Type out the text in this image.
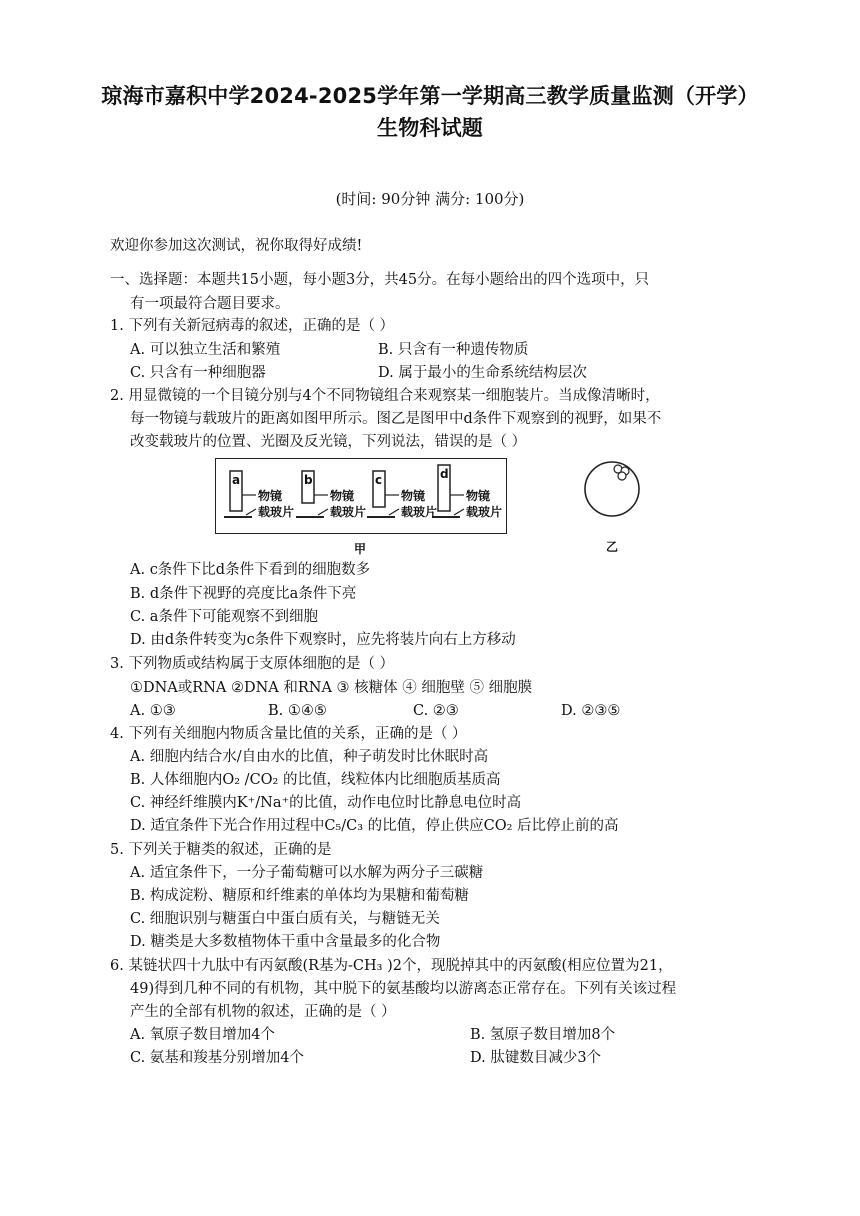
琼海市嘉积中学2024-2025学年第一学期高三教学质量监测（开学）
生物科试题
(时间: 90分钟 满分: 100分)
欢迎你参加这次测试，祝你取得好成绩!
一、选择题：本题共15小题，每小题3分，共45分。在每小题给出的四个选项中，只
有一项最符合题目要求。
1. 下列有关新冠病毒的叙述，正确的是（ ）
A. 可以独立生活和繁殖	B. 只含有一种遗传物质
C. 只含有一种细胞器	D. 属于最小的生命系统结构层次
2. 用显微镜的一个目镜分别与4个不同物镜组合来观察某一细胞装片。当成像清晰时，
每一物镜与载玻片的距离如图甲所示。图乙是图甲中d条件下观察到的视野，如果不
改变载玻片的位置、光圈及反光镜，下列说法，错误的是（ ）
a	b	c	d
物镜
载玻片
物镜
载玻片
物镜
载玻片
物镜
载玻片
甲	乙
A. c条件下比d条件下看到的细胞数多
B. d条件下视野的亮度比a条件下亮
C. a条件下可能观察不到细胞
D. 由d条件转变为c条件下观察时，应先将装片向右上方移动
3. 下列物质或结构属于支原体细胞的是（ ）
①DNA或RNA ②DNA 和RNA ③ 核糖体 ④ 细胞壁 ⑤ 细胞膜
A. ①③	B. ①④⑤	C. ②③	D. ②③⑤
4. 下列有关细胞内物质含量比值的关系，正确的是（ ）
A. 细胞内结合水/自由水的比值，种子萌发时比休眠时高
B. 人体细胞内O₂ /CO₂ 的比值，线粒体内比细胞质基质高
C. 神经纤维膜内K⁺/Na⁺的比值，动作电位时比静息电位时高
D. 适宜条件下光合作用过程中C₅/C₃ 的比值，停止供应CO₂ 后比停止前的高
5. 下列关于糖类的叙述，正确的是
A. 适宜条件下，一分子葡萄糖可以水解为两分子三碳糖
B. 构成淀粉、糖原和纤维素的单体均为果糖和葡萄糖
C. 细胞识别与糖蛋白中蛋白质有关，与糖链无关
D. 糖类是大多数植物体干重中含量最多的化合物
6. 某链状四十九肽中有丙氨酸(R基为-CH₃ )2个，现脱掉其中的丙氨酸(相应位置为21，
49)得到几种不同的有机物，其中脱下的氨基酸均以游离态正常存在。下列有关该过程
产生的全部有机物的叙述，正确的是（ ）
A. 氧原子数目增加4个	B. 氢原子数目增加8个
C. 氨基和羧基分别增加4个	D. 肽键数目减少3个
